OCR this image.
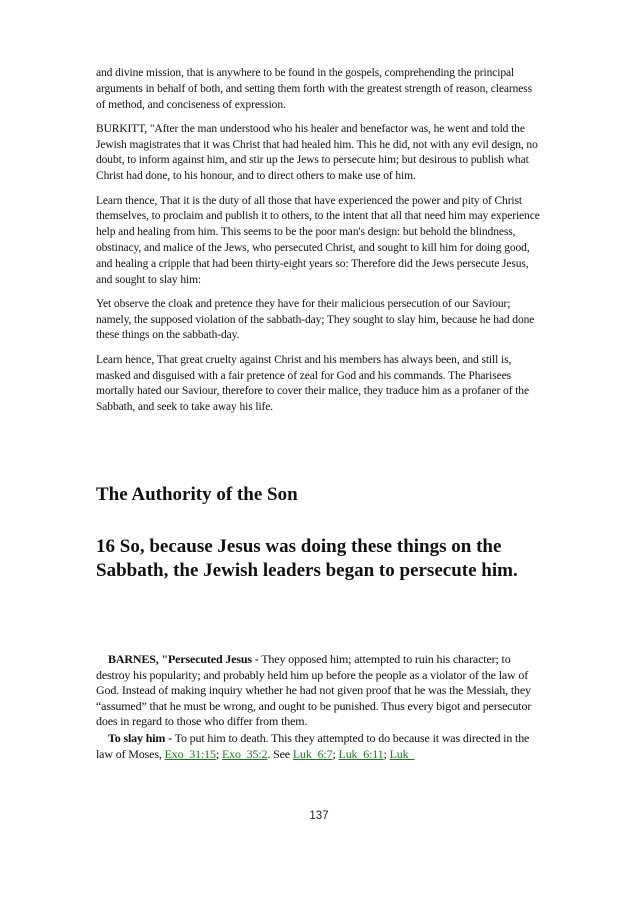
and divine mission, that is anywhere to be found in the gospels, comprehending the principal arguments in behalf of both, and setting them forth with the greatest strength of reason, clearness of method, and conciseness of expression.

BURKITT, "After the man understood who his healer and benefactor was, he went and told the Jewish magistrates that it was Christ that had healed him. This he did, not with any evil design, no doubt, to inform against him, and stir up the Jews to persecute him; but desirous to publish what Christ had done, to his honour, and to direct others to make use of him.

Learn thence, That it is the duty of all those that have experienced the power and pity of Christ themselves, to proclaim and publish it to others, to the intent that all that need him may experience help and healing from him. This seems to be the poor man's design: but behold the blindness, obstinacy, and malice of the Jews, who persecuted Christ, and sought to kill him for doing good, and healing a cripple that had been thirty-eight years so: Therefore did the Jews persecute Jesus, and sought to slay him:

Yet observe the cloak and pretence they have for their malicious persecution of our Saviour; namely, the supposed violation of the sabbath-day; They sought to slay him, because he had done these things on the sabbath-day.

Learn hence, That great cruelty against Christ and his members has always been, and still is, masked and disguised with a fair pretence of zeal for God and his commands. The Pharisees mortally hated our Saviour, therefore to cover their malice, they traduce him as a profaner of the Sabbath, and seek to take away his life.

The Authority of the Son
16 So, because Jesus was doing these things on the Sabbath, the Jewish leaders began to persecute him.

BARNES, "Persecuted Jesus - They opposed him; attempted to ruin his character; to destroy his popularity; and probably held him up before the people as a violator of the law of God. Instead of making inquiry whether he had not given proof that he was the Messiah, they “assumed” that he must be wrong, and ought to be punished. Thus every bigot and persecutor does in regard to those who differ from them.

To slay him - To put him to death. This they attempted to do because it was directed in the law of Moses, Exo_31:15; Exo_35:2. See Luk_6:7; Luk_6:11; Luk_

137
